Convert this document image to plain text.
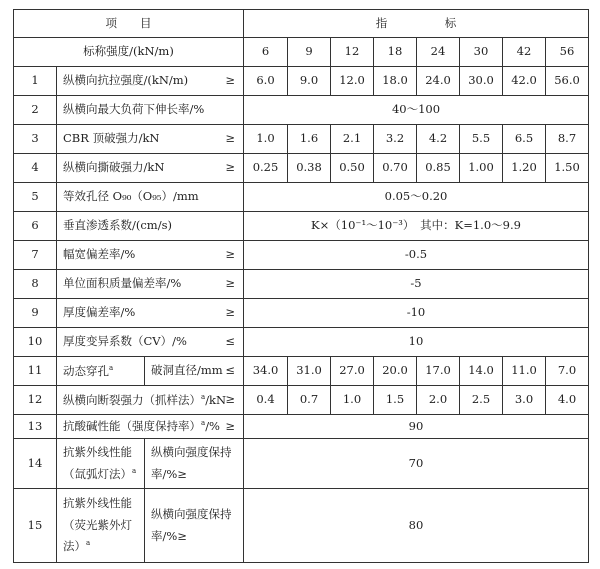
项　　目			指　　　　　标							
标称强度/(kN/m)			6	9	12	18	24	30	42	56
1	纵横向抗拉强度/(kN/m) ≥		6.0	9.0	12.0	18.0	24.0	30.0	42.0	56.0
2	纵横向最大负荷下伸长率/%		40～100							
3	CBR 顶破强力/kN ≥		1.0	1.6	2.1	3.2	4.2	5.5	6.5	8.7
4	纵横向撕破强力/kN ≥		0.25	0.38	0.50	0.70	0.85	1.00	1.20	1.50
5	等效孔径 O₉₀（O₉₅）/mm		0.05～0.20							
6	垂直渗透系数/(cm/s)		K×（10⁻¹～10⁻³）　其中：K=1.0～9.9							
7	幅宽偏差率/% ≥		-0.5							
8	单位面积质量偏差率/% ≥		-5							
9	厚度偏差率/% ≥		-10							
10	厚度变异系数（CV）/% ≤		10							
11	动态穿孔$^a$	破洞直径/mm ≤	34.0	31.0	27.0	20.0	17.0	14.0	11.0	7.0
12	纵横向断裂强力（抓样法）$^a$/kN ≥		0.4	0.7	1.0	1.5	2.0	2.5	3.0	4.0
13	抗酸碱性能（强度保持率）$^a$/% ≥		90							
14	抗紫外线性能（氙弧灯法）$^a$	纵横向强度保持率/%≥	70							
15	抗紫外线性能（荧光紫外灯法）$^a$	纵横向强度保持率/%≥	80							
